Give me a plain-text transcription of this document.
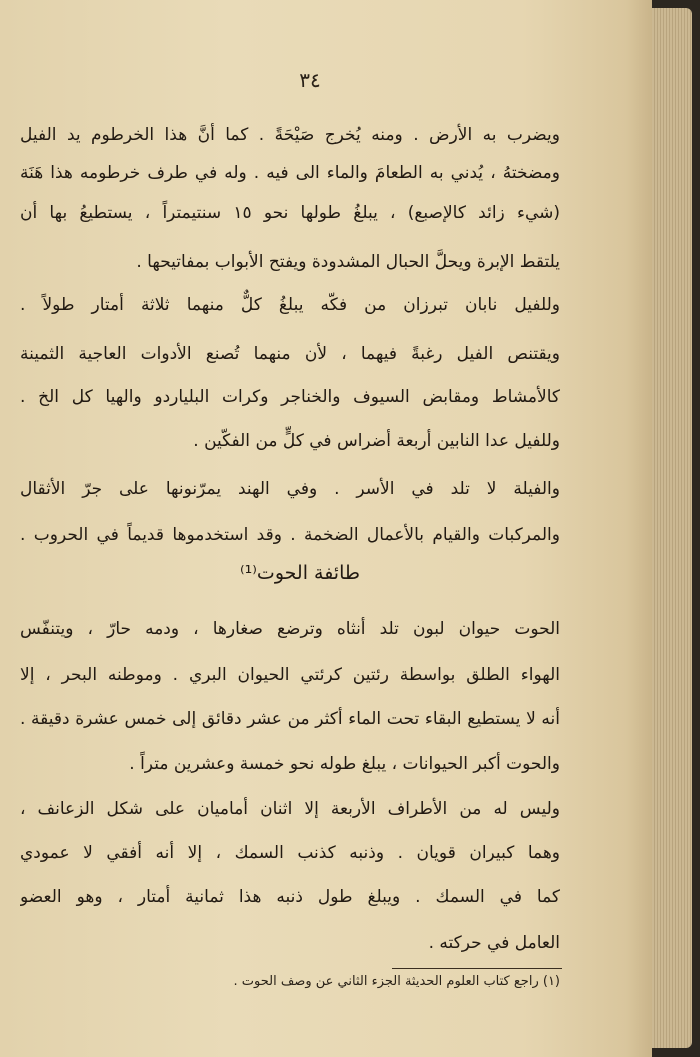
٣٤
ويضرب به الأرض . ومنه يُخرج صَيْحَةً . كما أنَّ هذا الخرطوم يد الفيل
ومضختهُ ، يُدني به الطعامَ والماء الى فيه . وله في طرف خرطومه هذا هَنَة
(شيء زائد كالإصبع) ، يبلغُ طولها نحو ١٥ سنتيمتراً ، يستطيعُ بها أن
يلتقط الإبرة ويحلَّ الحبال المشدودة ويفتح الأبواب بمفاتيحها .
وللفيل نابان تبرزان من فكّه يبلغُ كلٌّ منهما ثلاثة أمتار طولاً .
ويقتنص الفيل رغبةً فيهما ، لأن منهما تُصنع الأدوات العاجية الثمينة
كالأمشاط ومقابض السيوف والخناجر وكرات البلياردو والهيا كل الخ .
وللفيل عدا النابين أربعة أضراس في كلٍّ من الفكّين .
والفيلة لا تلد في الأسر . وفي الهند يمرّنونها على جرّ الأثقال
والمركبات والقيام بالأعمال الضخمة . وقد استخدموها قديماً في الحروب .
طائفة الحوت⁽¹⁾
الحوت حيوان لبون تلد أنثاه وترضع صغارها ، ودمه حارّ ، ويتنفّس
الهواء الطلق بواسطة رئتين كرئتي الحيوان البري . وموطنه البحر ، إلا
أنه لا يستطيع البقاء تحت الماء أكثر من عشر دقائق إلى خمس عشرة دقيقة .
والحوت أكبر الحيوانات ، يبلغ طوله نحو خمسة وعشرين متراً .
وليس له من الأطراف الأربعة إلا اثنان أماميان على شكل الزعانف ،
وهما كبيران قويان . وذنبه كذنب السمك ، إلا أنه أفقي لا عمودي
كما في السمك . ويبلغ طول ذنبه هذا ثمانية أمتار ، وهو العضو
العامل في حركته .
(١) راجع كتاب العلوم الحديثة الجزء الثاني عن وصف الحوت .
